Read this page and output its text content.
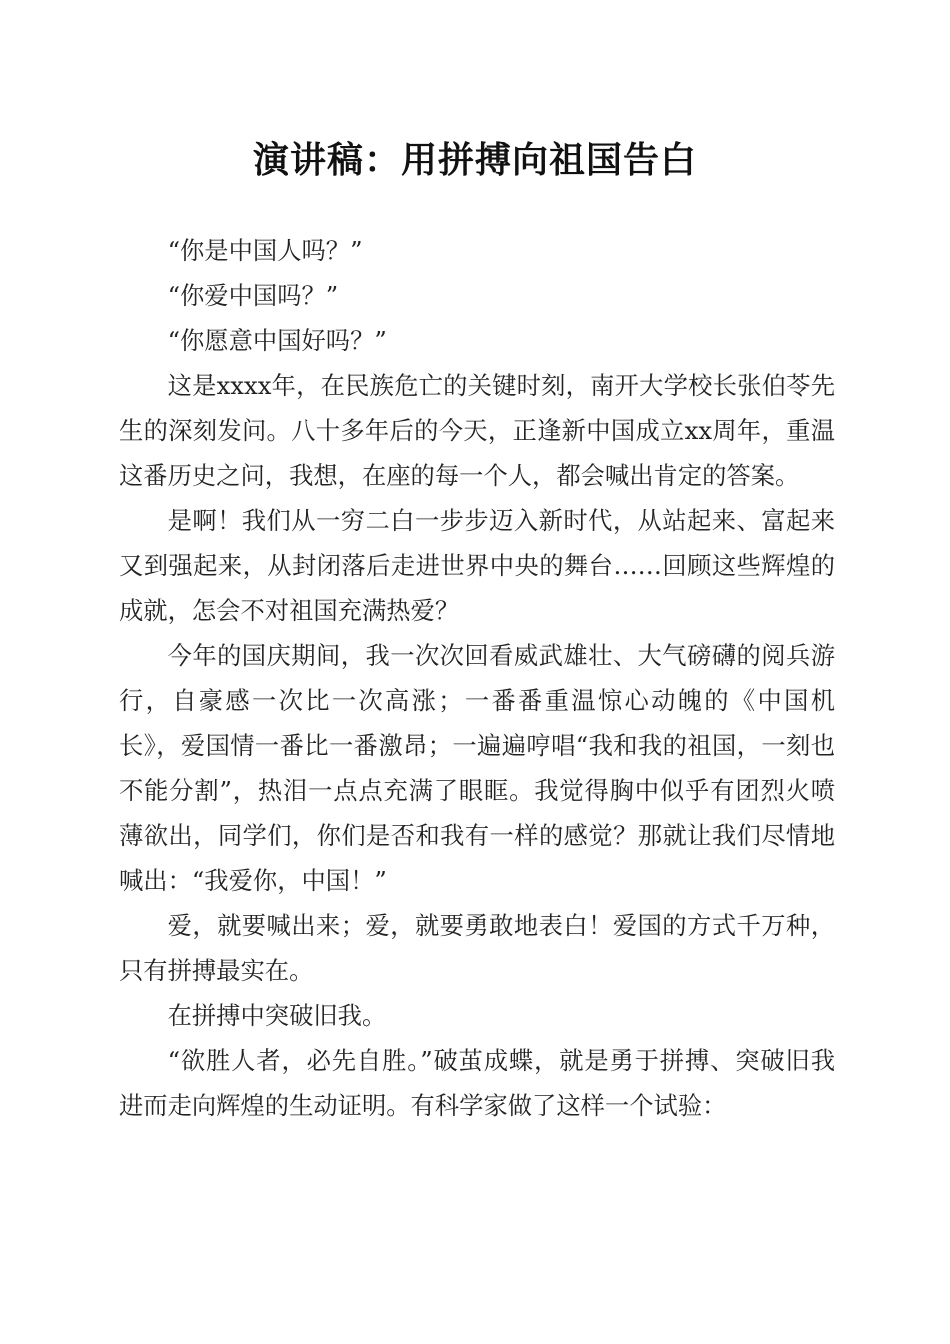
演讲稿：用拼搏向祖国告白

“你是中国人吗？”

“你爱中国吗？”

“你愿意中国好吗？”

这是xxxx年，在民族危亡的关键时刻，南开大学校长张伯苓先生的深刻发问。八十多年后的今天，正逢新中国成立xx周年，重温这番历史之问，我想，在座的每一个人，都会喊出肯定的答案。

是啊！我们从一穷二白一步步迈入新时代，从站起来、富起来又到强起来，从封闭落后走进世界中央的舞台……回顾这些辉煌的成就，怎会不对祖国充满热爱？

今年的国庆期间，我一次次回看威武雄壮、大气磅礴的阅兵游行，自豪感一次比一次高涨；一番番重温惊心动魄的《中国机长》，爱国情一番比一番激昂；一遍遍哼唱“我和我的祖国，一刻也不能分割”，热泪一点点充满了眼眶。我觉得胸中似乎有团烈火喷薄欲出，同学们，你们是否和我有一样的感觉？那就让我们尽情地喊出：“我爱你，中国！”

爱，就要喊出来；爱，就要勇敢地表白！爱国的方式千万种，只有拼搏最实在。

在拼搏中突破旧我。

“欲胜人者，必先自胜。”破茧成蝶，就是勇于拼搏、突破旧我进而走向辉煌的生动证明。有科学家做了这样一个试验：
